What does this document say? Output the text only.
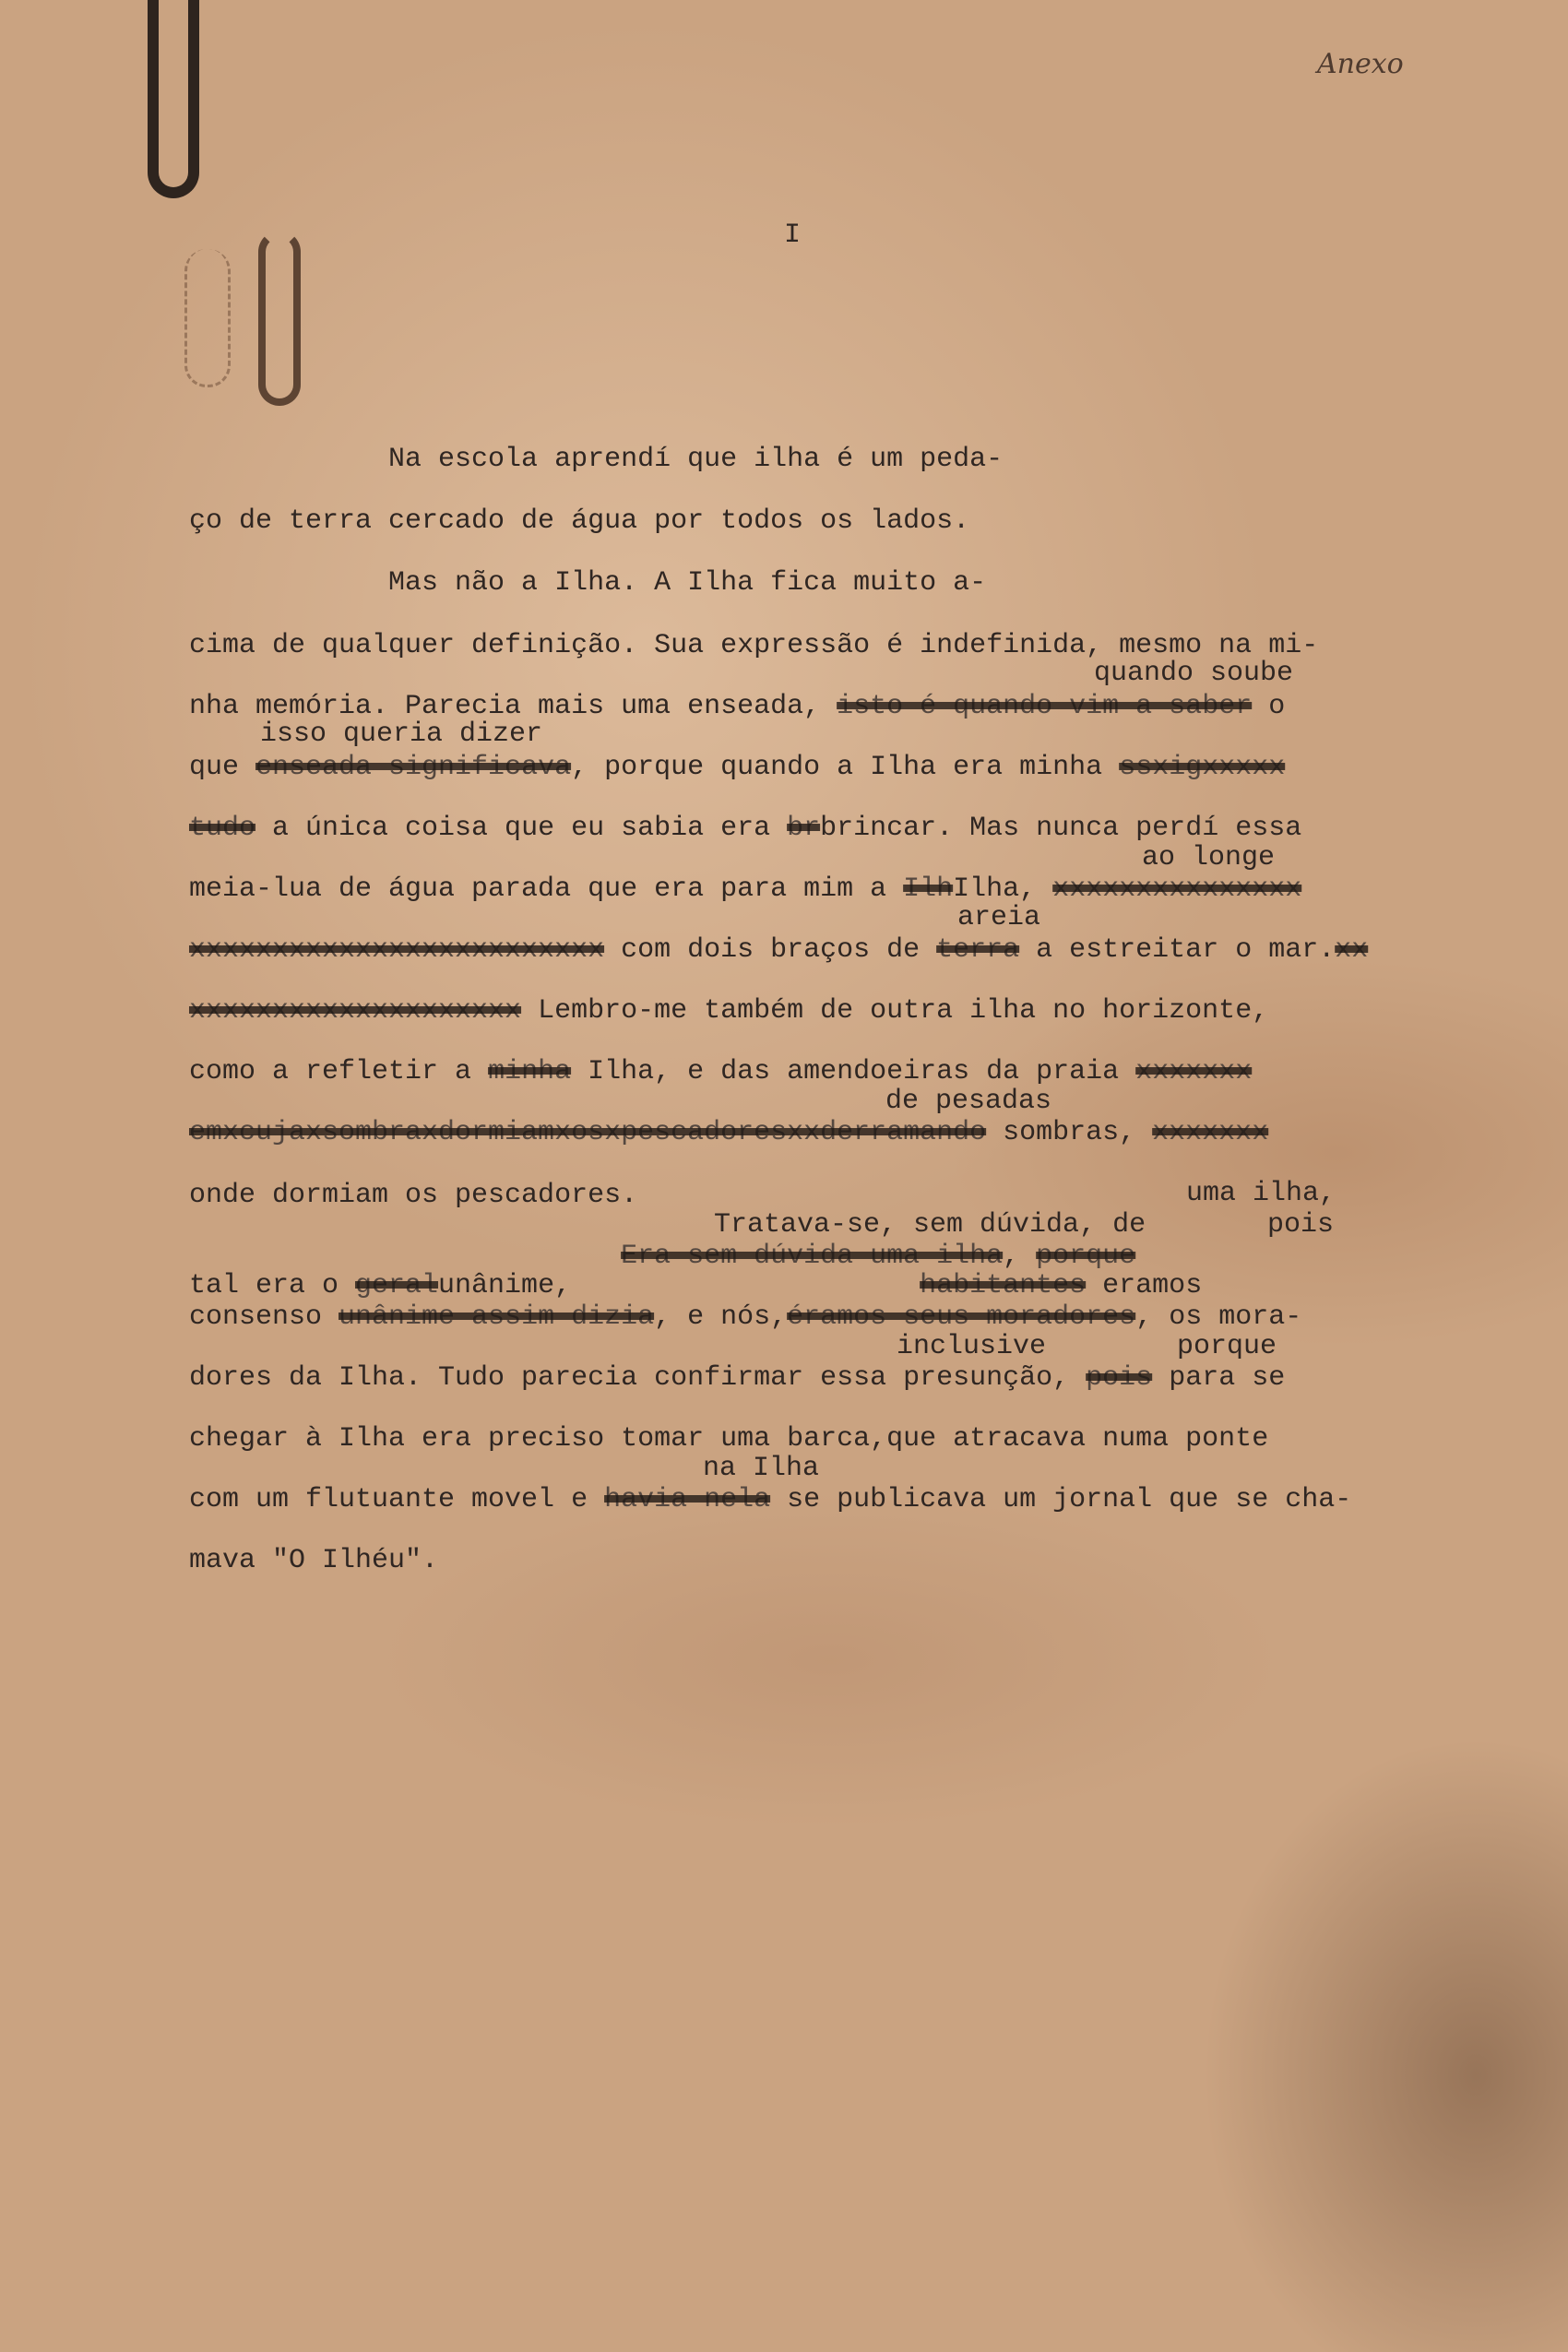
Anexo
I
quando soube
isso queria dizer
ao longe
areia
de pesadas
uma ilha,
pois
Tratava-se, sem dúvida, de
inclusive	porque
na Ilha
Na escola aprendí que ilha é um peda-
ço de terra cercado de água por todos os lados.
Mas não a Ilha. A Ilha fica muito a-
cima de qualquer definição. Sua expressão é indefinida, mesmo na mi-
nha memória. Parecia mais uma enseada, isto é quando vim a saber o
que enseada significava, porque quando a Ilha era minha ssxigxxxxx
tudo a única coisa que eu sabia era brbrincar. Mas nunca perdí essa
meia-lua de água parada que era para mim a IlhIlha, xxxxxxxxxxxxxxx
xxxxxxxxxxxxxxxxxxxxxxxxx com dois braços de terra a estreitar o mar.xx
xxxxxxxxxxxxxxxxxxxx Lembro-me também de outra ilha no horizonte,
como a refletir a minha Ilha, e das amendoeiras da praia xxxxxxx
emxcujaxsombraxdormiamxosxpescadoresxxderramando sombras, xxxxxxx
onde dormiam os pescadores.
Era sem dúvida uma ilha, porque
tal era o geralunânime,	habitantes eramos
consenso unânime assim dizia, e nós,éramos seus moradores, os mora-
dores da Ilha. Tudo parecia confirmar essa presunção, pois para se
chegar à Ilha era preciso tomar uma barca,que atracava numa ponte
com um flutuante movel e havia nela se publicava um jornal que se cha-
mava "O Ilhéu".
